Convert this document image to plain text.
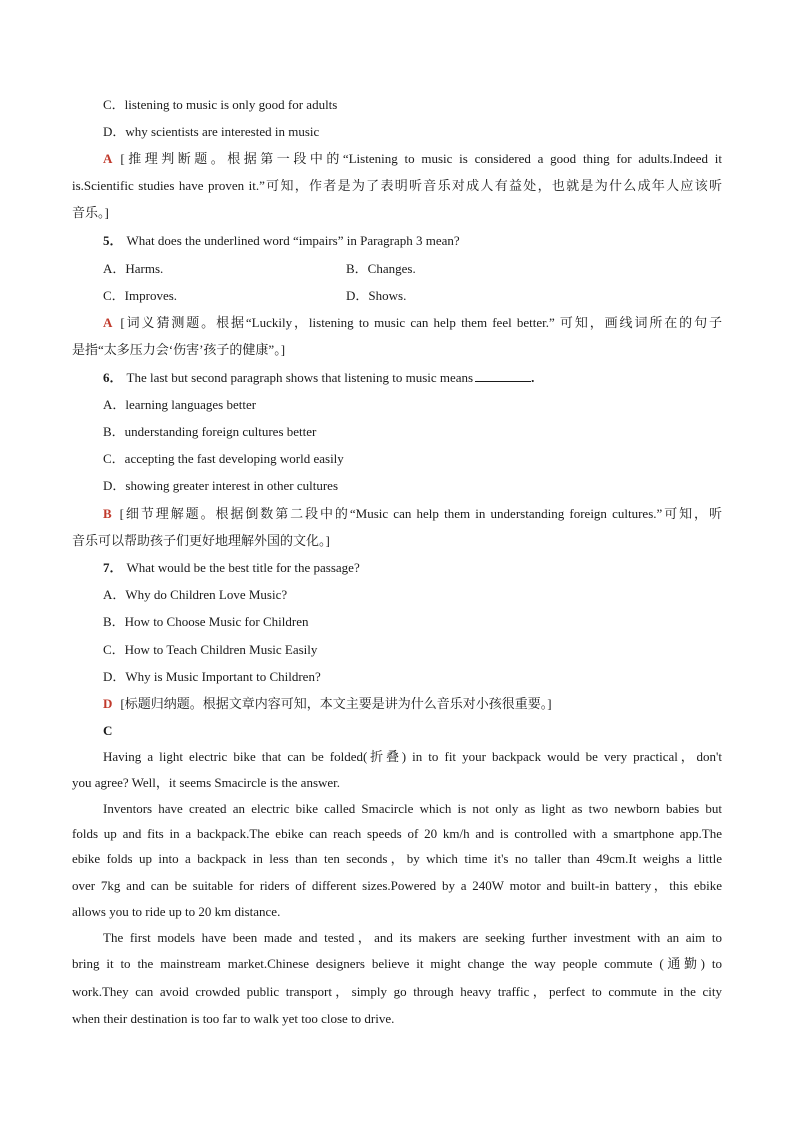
C．listening to music is only good for adults
D．why scientists are interested in music
A [推理判断题。根据第一段中的“Listening to music is considered a good thing for adults.Indeed it
is.Scientific studies have proven it.”可知，作者是为了表明听音乐对成人有益处，也就是为什么成年人应该听
音乐。]
5． What does the underlined word “impairs” in Paragraph 3 mean?
A．Harms.	B．Changes.
C．Improves.	D．Shows.
A [词义猜测题。根据“Luckily，listening to music can help them feel better.” 可知，画线词所在的句子
是指“太多压力会‘伤害’孩子的健康”。]
6． The last but second paragraph shows that listening to music means	.
A．learning languages better
B．understanding foreign cultures better
C．accepting the fast developing world easily
D．showing greater interest in other cultures
B [细节理解题。根据倒数第二段中的“Music can help them in understanding foreign cultures.”可知，听
音乐可以帮助孩子们更好地理解外国的文化。]
7． What would be the best title for the passage?
A．Why do Children Love Music?
B．How to Choose Music for Children
C．How to Teach Children Music Easily
D．Why is Music Important to Children?
D [标题归纳题。根据文章内容可知，本文主要是讲为什么音乐对小孩很重要。]
C
Having a light electric bike that can be folded(折叠) in to fit your backpack would be very practical，don't
you agree? Well，it seems Smacircle is the answer.
Inventors have created an electric bike called Smacircle which is not only as light as two newborn babies but
folds up and fits in a backpack.The ebike can reach speeds of 20 km/h and is controlled with a smartphone app.The
ebike folds up into a backpack in less than ten seconds，by which time it's no taller than 49cm.It weighs a little
over 7kg and can be suitable for riders of different sizes.Powered by a 240W motor and built-in battery，this ebike
allows you to ride up to 20 km distance.
The first models have been made and tested，and its makers are seeking further investment with an aim to
bring it to the mainstream market.Chinese designers believe it might change the way people commute (通勤) to
work.They can avoid crowded public transport，simply go through heavy traffic，perfect to commute in the city
when their destination is too far to walk yet too close to drive.
